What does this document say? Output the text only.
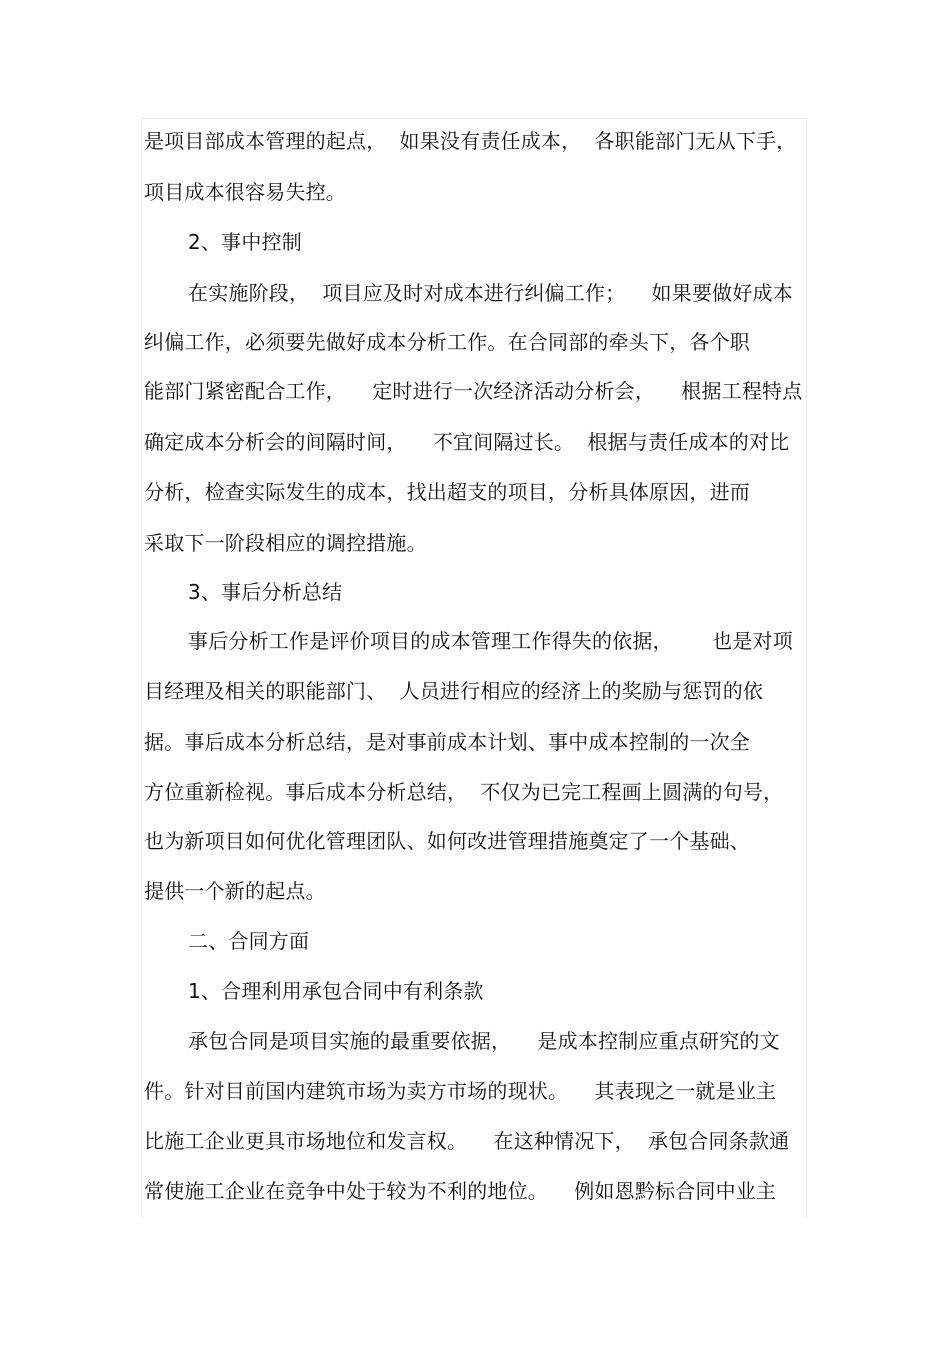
是项目部成本管理的起点，  如果没有责任成本，  各职能部门无从下手，
项目成本很容易失控。
2、事中控制
在实施阶段，  项目应及时对成本进行纠偏工作；    如果要做好成本
纠偏工作，必须要先做好成本分析工作。在合同部的牵头下，各个职
能部门紧密配合工作，    定时进行一次经济活动分析会，    根据工程特点
确定成本分析会的间隔时间，    不宜间隔过长。  根据与责任成本的对比
分析，检查实际发生的成本，找出超支的项目，分析具体原因，进而
采取下一阶段相应的调控措施。
3、事后分析总结
事后分析工作是评价项目的成本管理工作得失的依据，      也是对项
目经理及相关的职能部门、  人员进行相应的经济上的奖励与惩罚的依
据。事后成本分析总结，是对事前成本计划、事中成本控制的一次全
方位重新检视。事后成本分析总结，  不仅为已完工程画上圆满的句号，
也为新项目如何优化管理团队、如何改进管理措施奠定了一个基础、
提供一个新的起点。
二、合同方面
1、合理利用承包合同中有利条款
承包合同是项目实施的最重要依据，    是成本控制应重点研究的文
件。针对目前国内建筑市场为卖方市场的现状。    其表现之一就是业主
比施工企业更具市场地位和发言权。    在这种情况下，  承包合同条款通
常使施工企业在竞争中处于较为不利的地位。    例如恩黔标合同中业主
